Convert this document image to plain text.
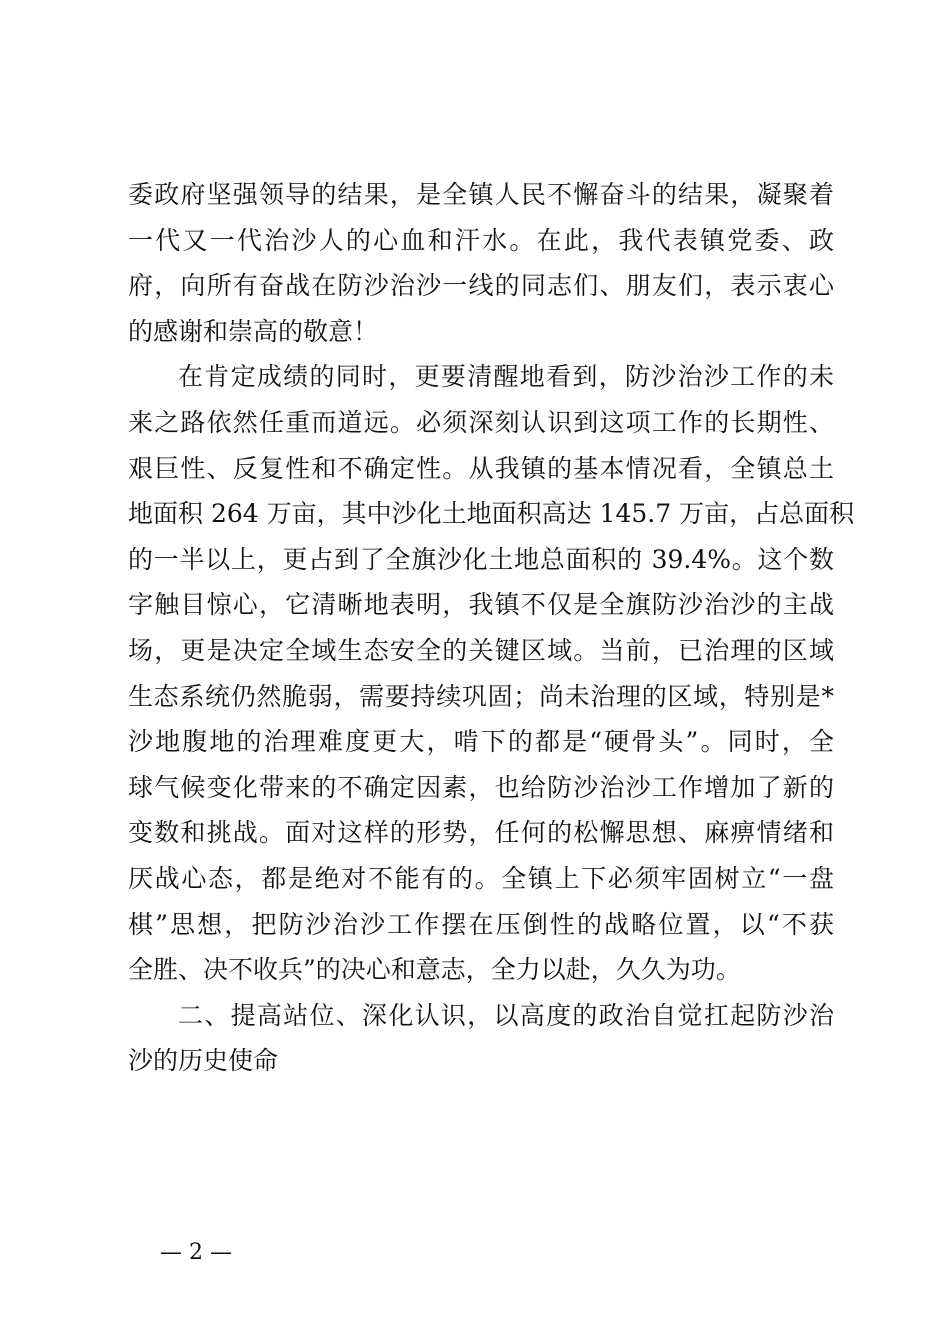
委政府坚强领导的结果，是全镇人民不懈奋斗的结果，凝聚着
一代又一代治沙人的心血和汗水。在此，我代表镇党委、政
府，向所有奋战在防沙治沙一线的同志们、朋友们，表示衷心
的感谢和崇高的敬意！
在肯定成绩的同时，更要清醒地看到，防沙治沙工作的未
来之路依然任重而道远。必须深刻认识到这项工作的长期性、
艰巨性、反复性和不确定性。从我镇的基本情况看，全镇总土
地面积 264 万亩，其中沙化土地面积高达 145.7 万亩，占总面积
的一半以上，更占到了全旗沙化土地总面积的 39.4%。这个数
字触目惊心，它清晰地表明，我镇不仅是全旗防沙治沙的主战
场，更是决定全域生态安全的关键区域。当前，已治理的区域
生态系统仍然脆弱，需要持续巩固；尚未治理的区域，特别是*
沙地腹地的治理难度更大，啃下的都是“硬骨头”。同时，全
球气候变化带来的不确定因素，也给防沙治沙工作增加了新的
变数和挑战。面对这样的形势，任何的松懈思想、麻痹情绪和
厌战心态，都是绝对不能有的。全镇上下必须牢固树立“一盘
棋”思想，把防沙治沙工作摆在压倒性的战略位置，以“不获
全胜、决不收兵”的决心和意志，全力以赴，久久为功。
二、提高站位、深化认识，以高度的政治自觉扛起防沙治
沙的历史使命
— 2 —
